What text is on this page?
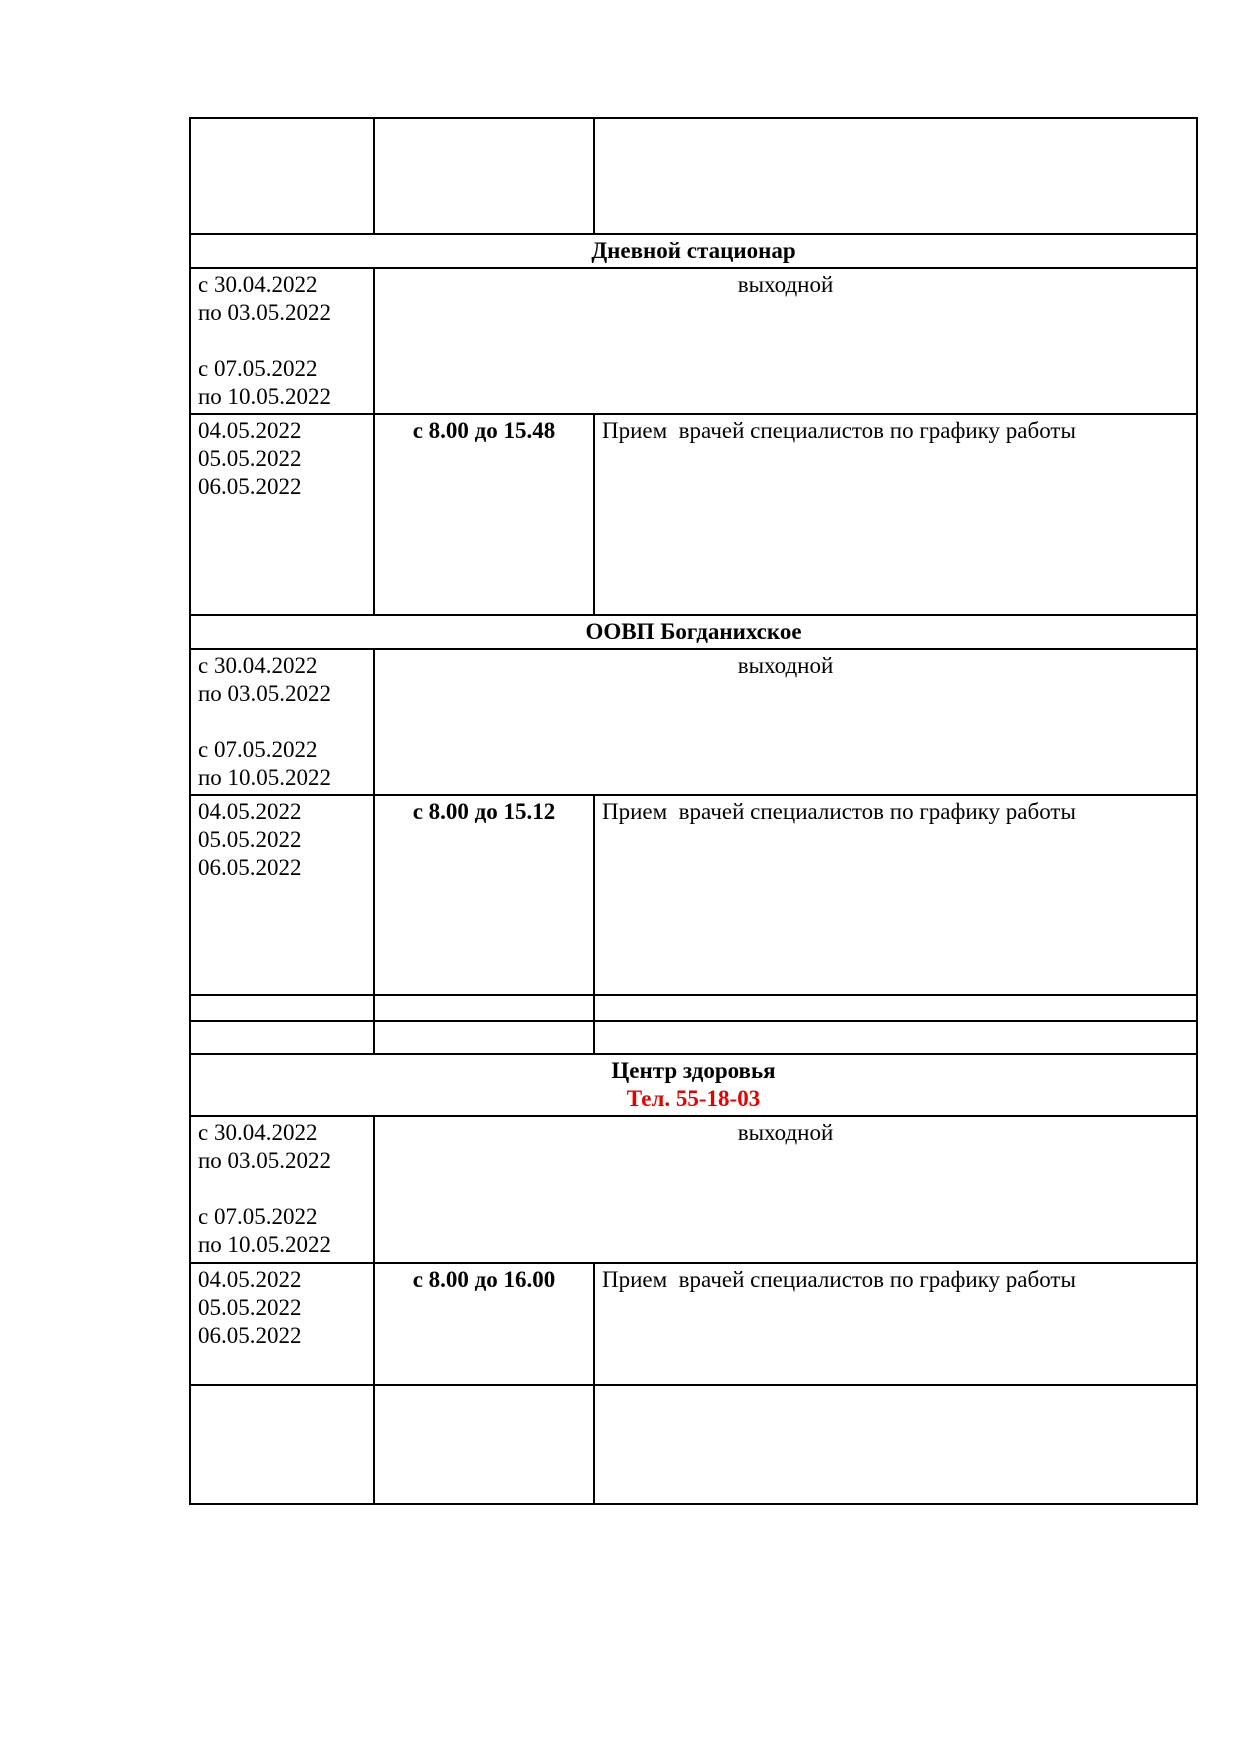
Дневной стационар		

с 30.04.2022
по 03.05.2022

с 07.05.2022
по 10.05.2022	выходной	

04.05.2022
05.05.2022
06.05.2022	с 8.00 до 15.48	Прием  врачей специалистов по графику работы
ООВП Богданихское		

с 30.04.2022
по 03.05.2022

с 07.05.2022
по 10.05.2022	выходной	

04.05.2022
05.05.2022
06.05.2022	с 8.00 до 15.12	Прием  врачей специалистов по графику работы

Центр здоровья
Тел. 55-18-03		

с 30.04.2022
по 03.05.2022

с 07.05.2022
по 10.05.2022	выходной	

04.05.2022
05.05.2022
06.05.2022	с 8.00 до 16.00	Прием  врачей специалистов по графику работы
